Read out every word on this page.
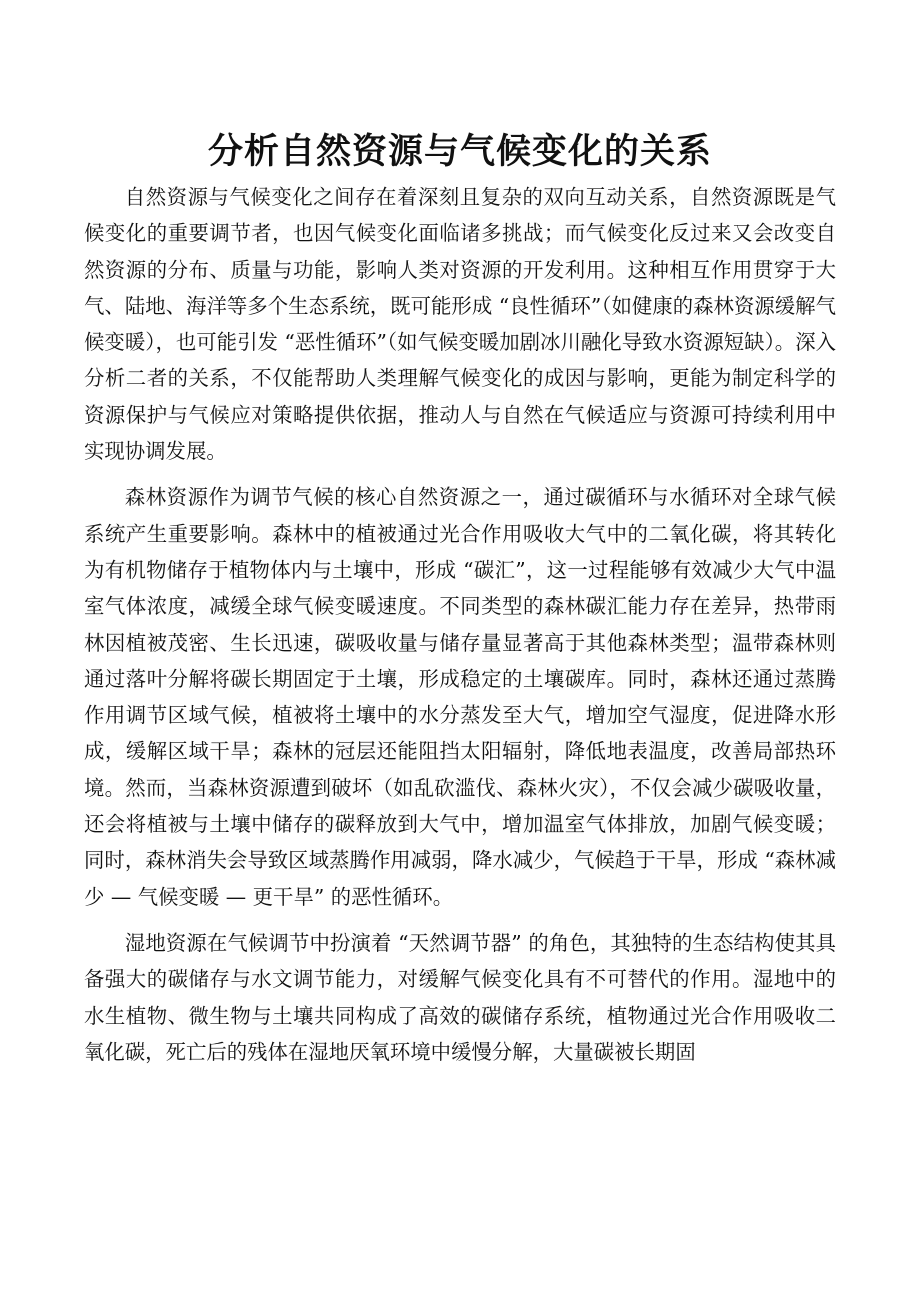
分析自然资源与气候变化的关系

自然资源与气候变化之间存在着深刻且复杂的双向互动关系，自然资源既是气候变化的重要调节者，也因气候变化面临诸多挑战；而气候变化反过来又会改变自然资源的分布、质量与功能，影响人类对资源的开发利用。这种相互作用贯穿于大气、陆地、海洋等多个生态系统，既可能形成 “良性循环”（如健康的森林资源缓解气候变暖），也可能引发 “恶性循环”（如气候变暖加剧冰川融化导致水资源短缺）。深入分析二者的关系，不仅能帮助人类理解气候变化的成因与影响，更能为制定科学的资源保护与气候应对策略提供依据，推动人与自然在气候适应与资源可持续利用中实现协调发展。

森林资源作为调节气候的核心自然资源之一，通过碳循环与水循环对全球气候系统产生重要影响。森林中的植被通过光合作用吸收大气中的二氧化碳，将其转化为有机物储存于植物体内与土壤中，形成 “碳汇”，这一过程能够有效减少大气中温室气体浓度，减缓全球气候变暖速度。不同类型的森林碳汇能力存在差异，热带雨林因植被茂密、生长迅速，碳吸收量与储存量显著高于其他森林类型；温带森林则通过落叶分解将碳长期固定于土壤，形成稳定的土壤碳库。同时，森林还通过蒸腾作用调节区域气候，植被将土壤中的水分蒸发至大气，增加空气湿度，促进降水形成，缓解区域干旱；森林的冠层还能阻挡太阳辐射，降低地表温度，改善局部热环境。然而，当森林资源遭到破坏（如乱砍滥伐、森林火灾），不仅会减少碳吸收量，还会将植被与土壤中储存的碳释放到大气中，增加温室气体排放，加剧气候变暖；同时，森林消失会导致区域蒸腾作用减弱，降水减少，气候趋于干旱，形成 “森林减少 — 气候变暖 — 更干旱” 的恶性循环。

湿地资源在气候调节中扮演着 “天然调节器” 的角色，其独特的生态结构使其具备强大的碳储存与水文调节能力，对缓解气候变化具有不可替代的作用。湿地中的水生植物、微生物与土壤共同构成了高效的碳储存系统，植物通过光合作用吸收二氧化碳，死亡后的残体在湿地厌氧环境中缓慢分解，大量碳被长期固
